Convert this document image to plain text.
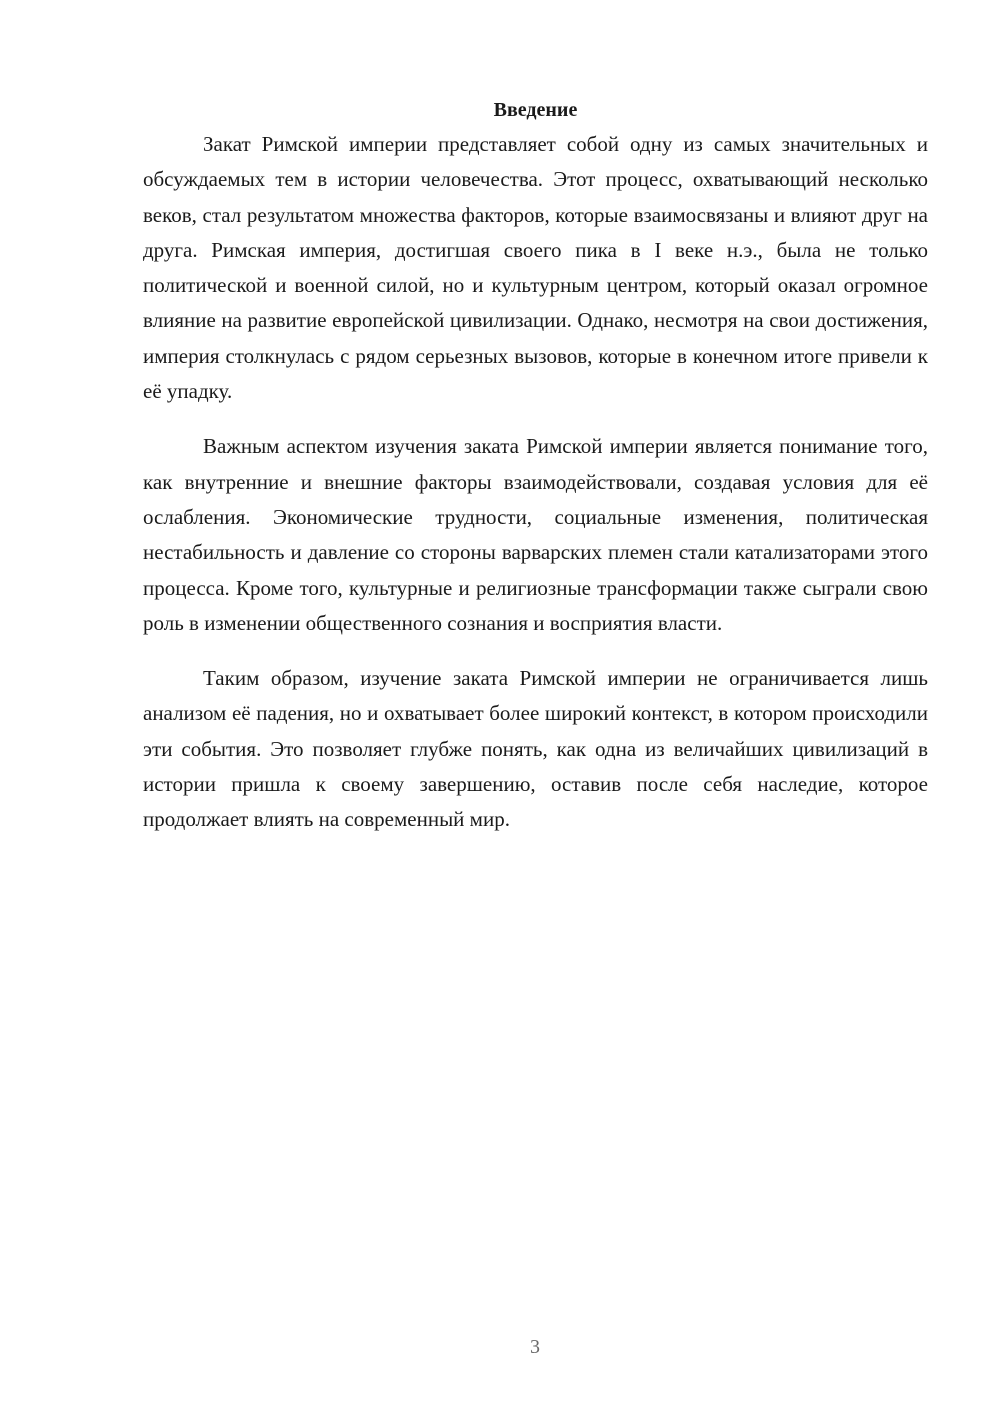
Введение

Закат Римской империи представляет собой одну из самых значительных и обсуждаемых тем в истории человечества. Этот процесс, охватывающий несколько веков, стал результатом множества факторов, которые взаимосвязаны и влияют друг на друга. Римская империя, достигшая своего пика в I веке н.э., была не только политической и военной силой, но и культурным центром, который оказал огромное влияние на развитие европейской цивилизации. Однако, несмотря на свои достижения, империя столкнулась с рядом серьезных вызовов, которые в конечном итоге привели к её упадку.

Важным аспектом изучения заката Римской империи является понимание того, как внутренние и внешние факторы взаимодействовали, создавая условия для её ослабления. Экономические трудности, социальные изменения, политическая нестабильность и давление со стороны варварских племен стали катализаторами этого процесса. Кроме того, культурные и религиозные трансформации также сыграли свою роль в изменении общественного сознания и восприятия власти.

Таким образом, изучение заката Римской империи не ограничивается лишь анализом её падения, но и охватывает более широкий контекст, в котором происходили эти события. Это позволяет глубже понять, как одна из величайших цивилизаций в истории пришла к своему завершению, оставив после себя наследие, которое продолжает влиять на современный мир.

3
